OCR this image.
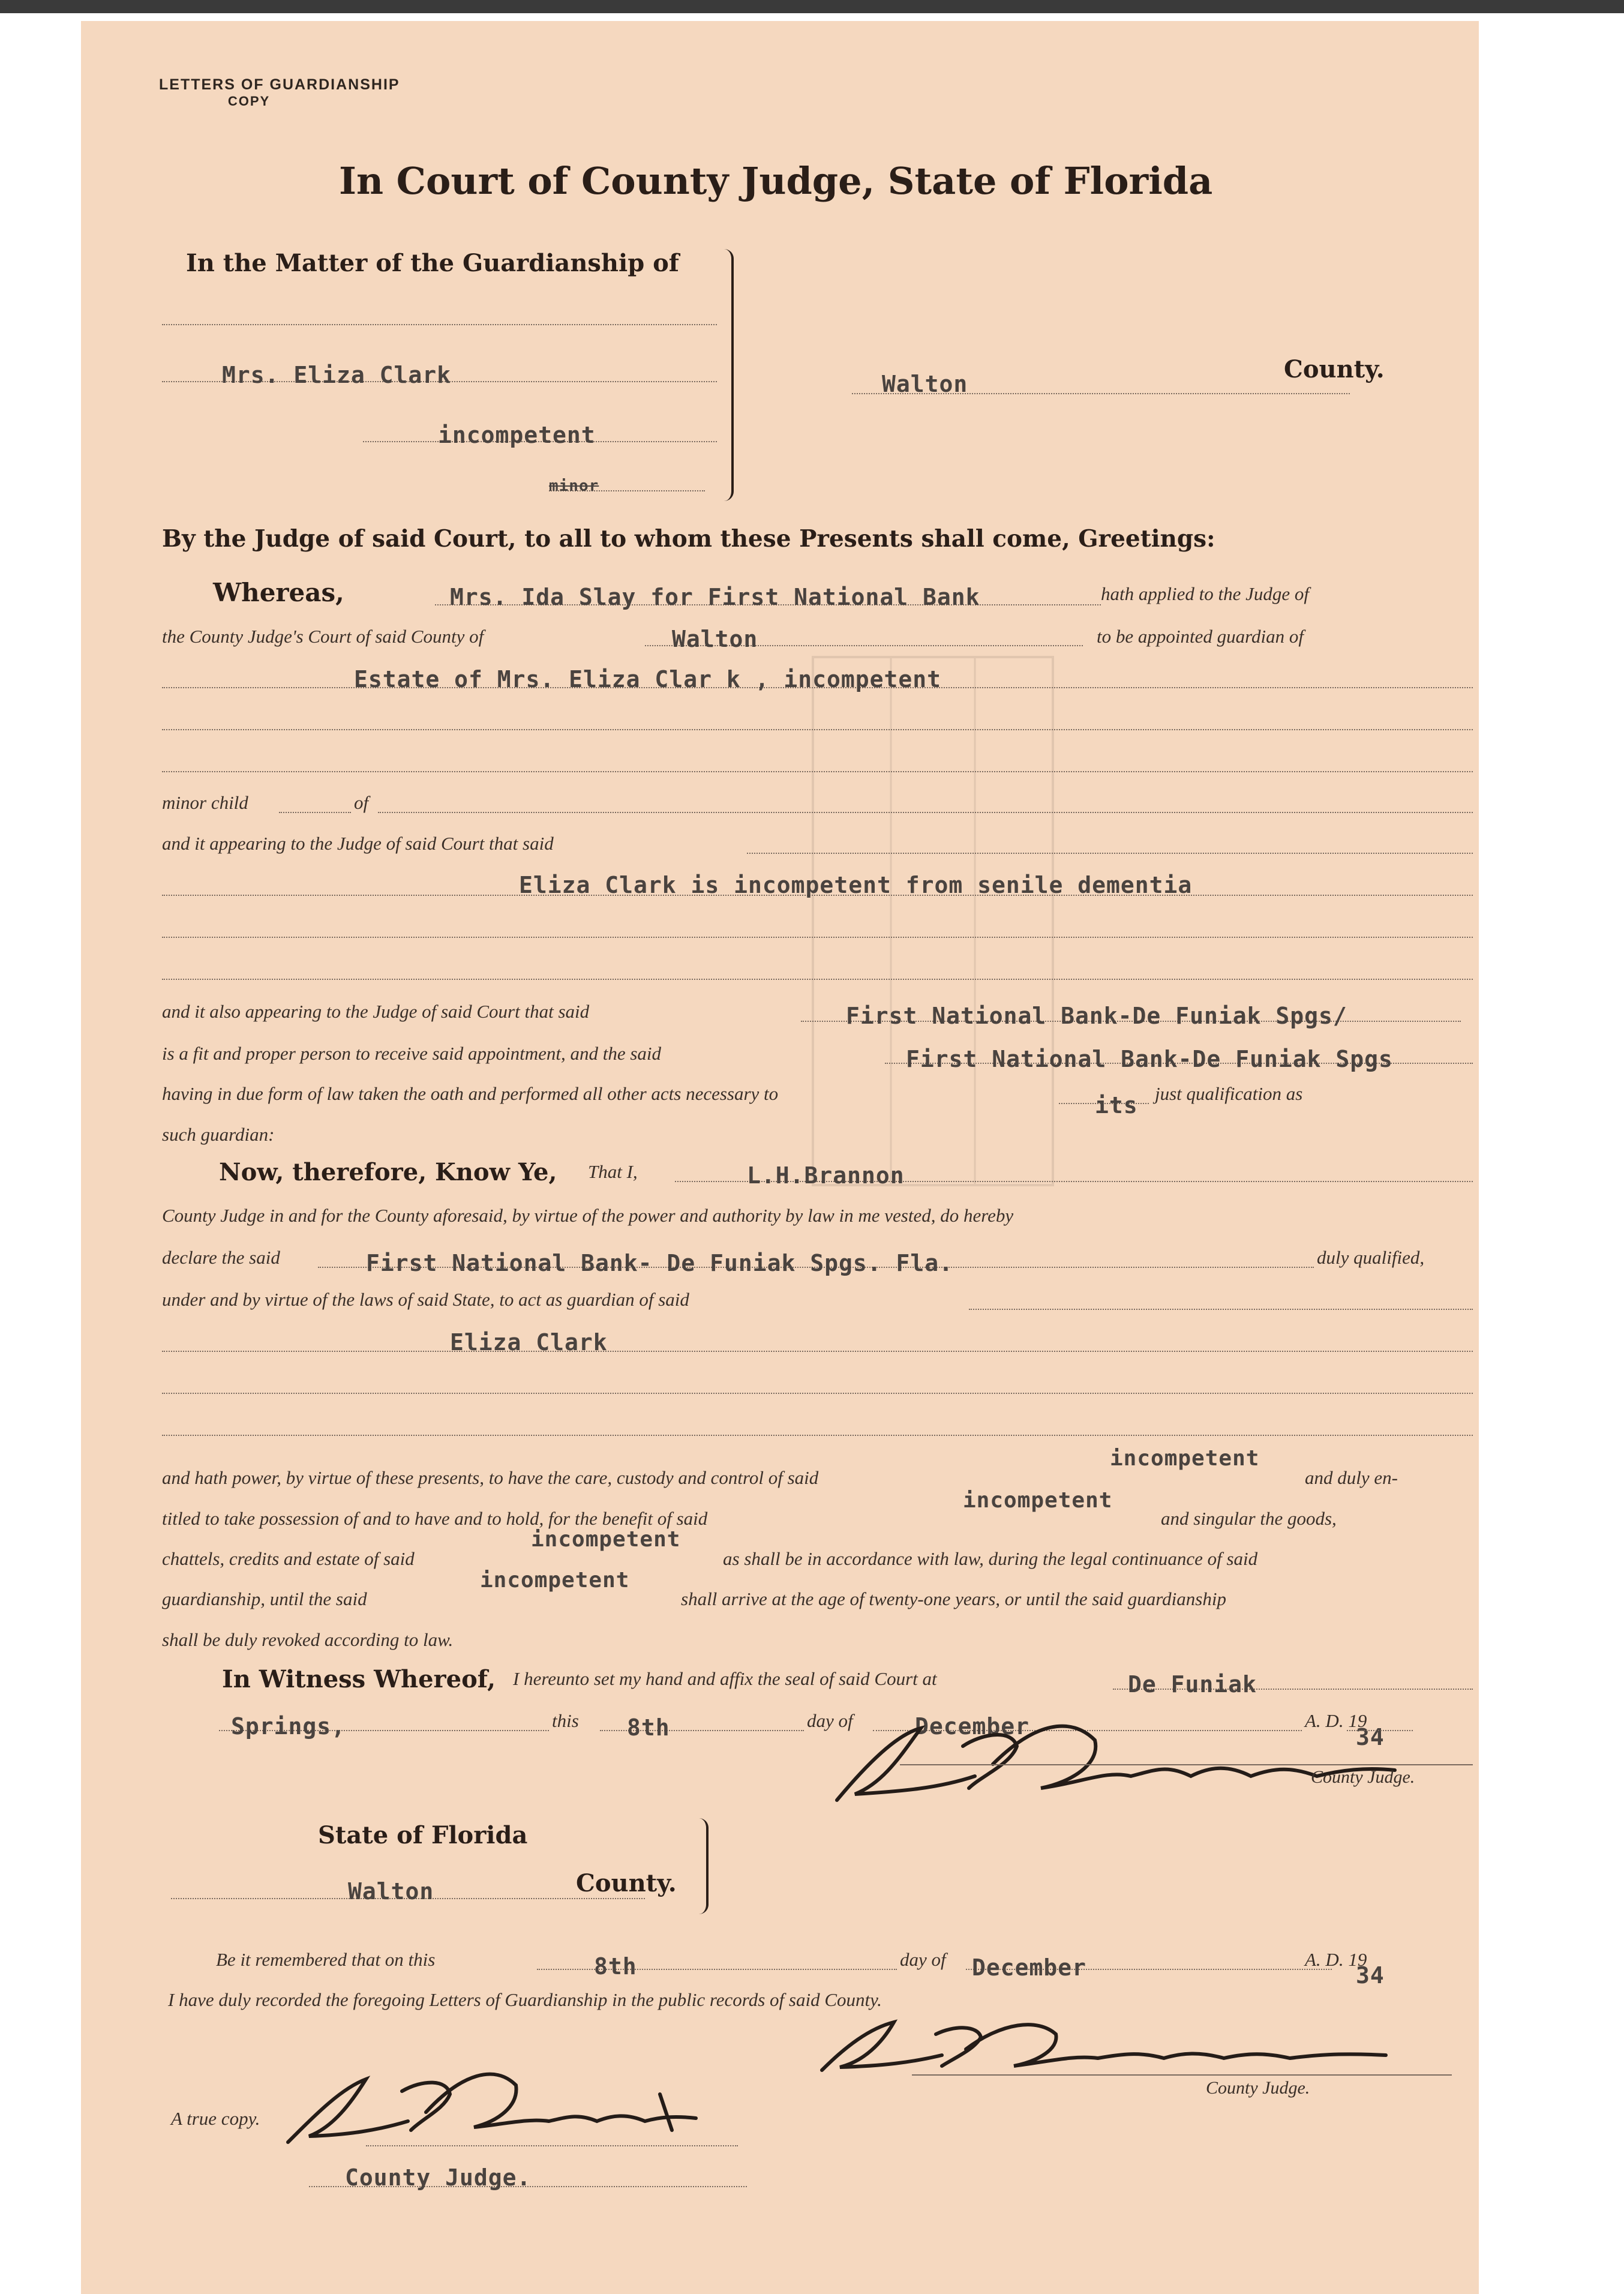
LETTERS OF GUARDIANSHIP
COPY
In Court of County Judge, State of Florida
In the Matter of the Guardianship of
Mrs. Eliza Clark
incompetent
minor
Walton
County.
By the Judge of said Court, to all to whom these Presents shall come, Greetings:
Whereas,	Mrs. Ida Slay for First National Bank	hath applied to the Judge of
the County Judge's Court of said County of	Walton	to be appointed guardian of
Estate of Mrs. Eliza Clar k , incompetent
minor child	of
and it appearing to the Judge of said Court that said
Eliza Clark is incompetent from senile dementia
and it also appearing to the Judge of said Court that said	First National Bank-De Funiak Spgs/
is a fit and proper person to receive said appointment, and the said	First National Bank-De Funiak Spgs
having in due form of law taken the oath and performed all other acts necessary to	its just qualification as
such guardian:
Now, therefore, Know Ye, That I,	L.H.Brannon
County Judge in and for the County aforesaid, by virtue of the power and authority by law in me vested, do hereby
declare the said	First National Bank- De Funiak Spgs. Fla.	duly qualified,
under and by virtue of the laws of said State, to act as guardian of said
Eliza Clark
and hath power, by virtue of these presents, to have the care, custody and control of said
incompetent
and duly en-
titled to take possession of and to have and to hold, for the benefit of said
incompetent
and singular the goods,
chattels, credits and estate of said
incompetent
as shall be in accordance with law, during the legal continuance of said
guardianship, until the said
incompetent
shall arrive at the age of twenty-one years, or until the said guardianship
shall be duly revoked according to law.
In Witness Whereof, I hereunto set my hand and affix the seal of said Court at	De Funiak
Springs,	this 8th	day of	December	A. D. 19
34
County Judge.
State of Florida
Walton	County.
Be it remembered that on this	8th	day of December	A. D. 19
34
I have duly recorded the foregoing Letters of Guardianship in the public records of said County.
County Judge.
A true copy.
County Judge.
